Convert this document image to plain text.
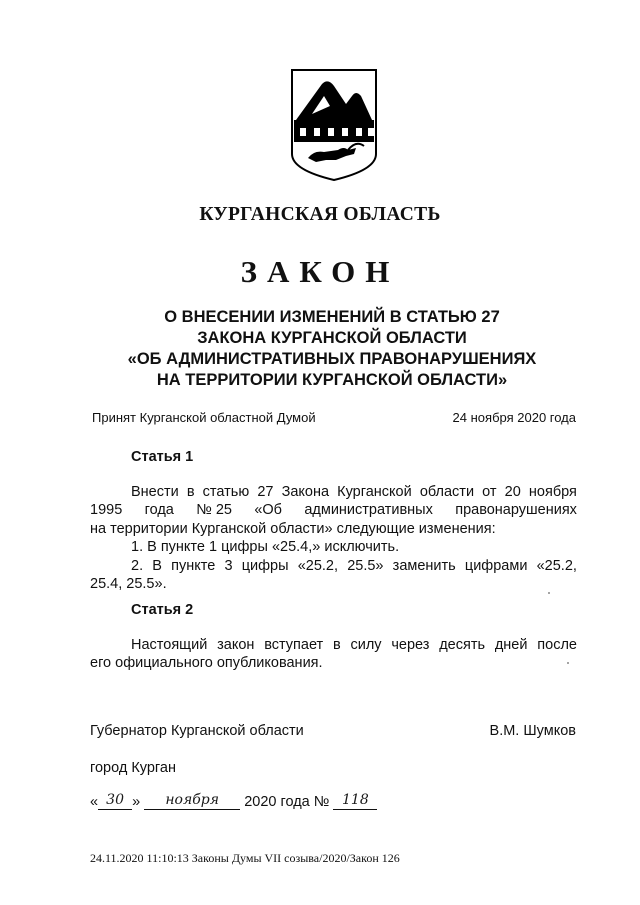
КУРГАНСКАЯ ОБЛАСТЬ
ЗАКОН
О ВНЕСЕНИИ ИЗМЕНЕНИЙ В СТАТЬЮ 27
ЗАКОНА КУРГАНСКОЙ ОБЛАСТИ
«ОБ АДМИНИСТРАТИВНЫХ ПРАВОНАРУШЕНИЯХ
НА ТЕРРИТОРИИ КУРГАНСКОЙ ОБЛАСТИ»
Принят Курганской областной Думой	24 ноября 2020 года
Статья 1
Внести в статью 27 Закона Курганской области от 20 ноября
1995 года № 25 «Об административных правонарушениях
на территории Курганской области» следующие изменения:
1. В пункте 1 цифры «25.4,» исключить.
2. В пункте 3 цифры «25.2, 25.5» заменить цифрами «25.2,
25.4, 25.5».
Статья 2
Настоящий закон вступает в силу через десять дней после
его официального опубликования.
Губернатор Курганской области	В.М. Шумков
город Курган
« 30 »	ноября	2020 года № 118
24.11.2020 11:10:13 Законы Думы VII созыва/2020/Закон 126
